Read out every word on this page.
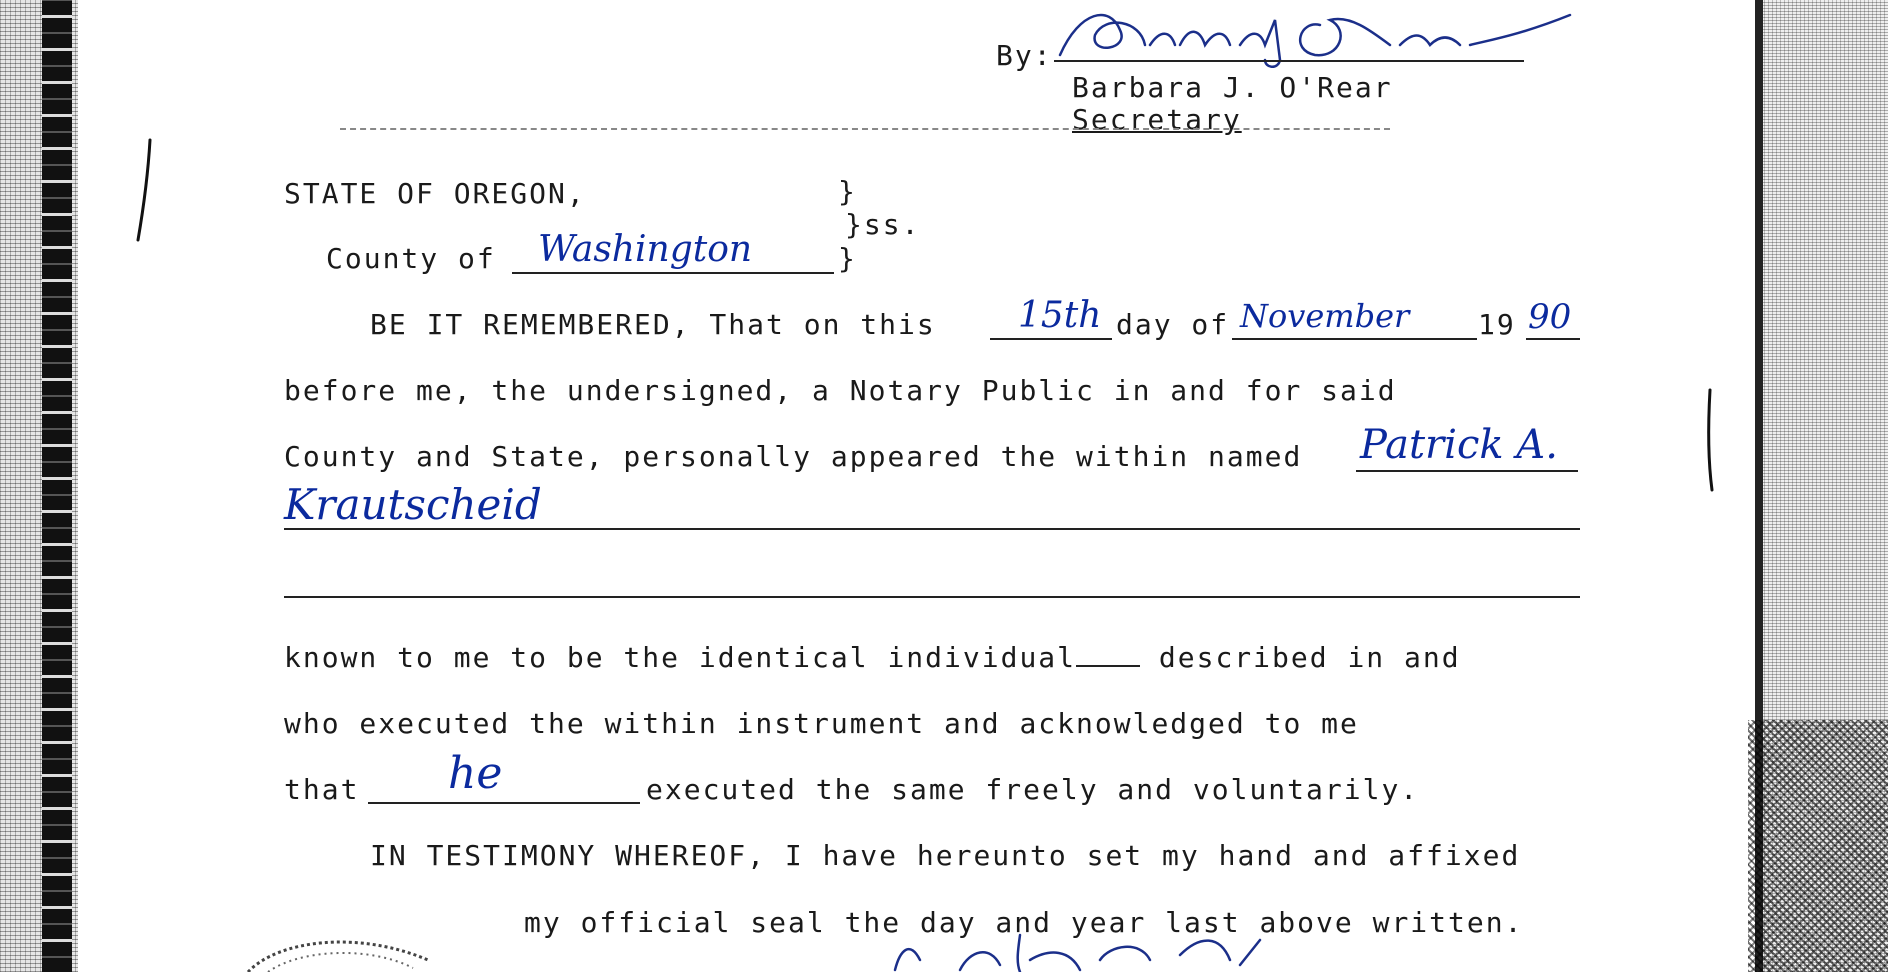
By:
Barbara J. O'Rear
Secretary
STATE OF OREGON,	}
}ss.
County of Washington	}
BE IT REMEMBERED, That on this 15th day of November 19 90
before me, the undersigned, a Notary Public in and for said
County and State, personally appeared the within named Patrick A.
Krautscheid
known to me to be the identical individual	described in and
who executed the within instrument and acknowledged to me
that he	executed the same freely and voluntarily.
IN TESTIMONY WHEREOF, I have hereunto set my hand and affixed
my official seal the day and year last above written.
